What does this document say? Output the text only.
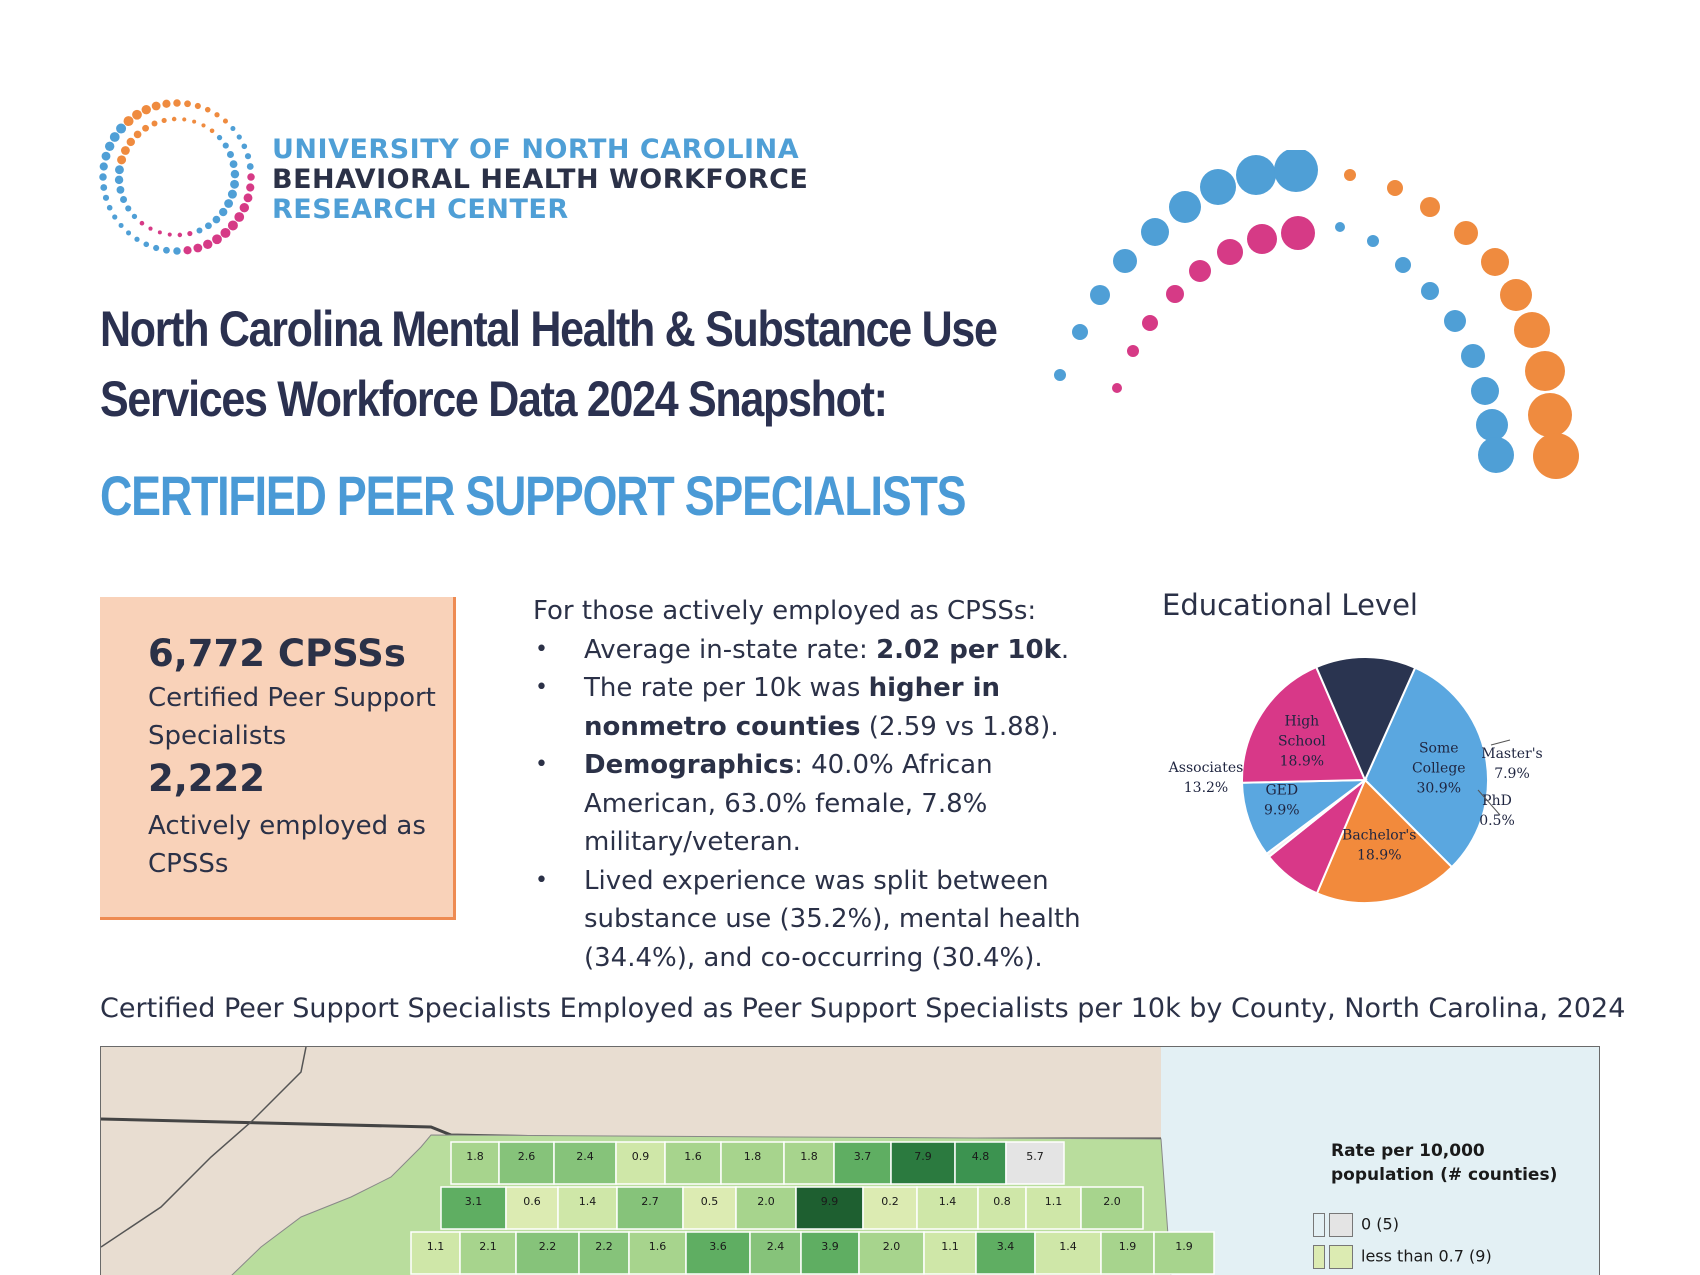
UNIVERSITY OF NORTH CAROLINA
BEHAVIORAL HEALTH WORKFORCE
RESEARCH CENTER
North Carolina Mental Health & Substance Use
Services Workforce Data 2024 Snapshot:
CERTIFIED PEER SUPPORT SPECIALISTS
6,772 CPSSs
Certified Peer Support Specialists
2,222
Actively employed as CPSSs

For those actively employed as CPSSs:

• Average in-state rate: 2.02 per 10k.
• The rate per 10k was higher in nonmetro counties (2.59 vs 1.88).
• Demographics: 40.0% African American, 63.0% female, 7.8% military/veteran.
• Lived experience was split between substance use (35.2%), mental health (34.4%), and co-occurring (30.4%).
Educational Level
Some
College
30.9%
Bachelor's
18.9%
Master's
7.9%
PhD
0.5%
GED
9.9%
High
School
18.9%
Associates
13.2%
Certified Peer Support Specialists Employed as Peer Support Specialists per 10k by County, North Carolina, 2024
1.8	2.6	2.4	0.9	1.6	1.8	1.8	3.7	7.9	4.8	5.7
3.1	0.6	1.4	2.7	0.5	2.0	9.9	0.2	1.4	0.8	1.1	2.0
1.1	2.1	2.2	2.2	1.6	3.6	2.4	3.9	2.0	1.1	3.4	1.4	1.9	1.9
Rate per 10,000 population (# counties)
0 (5)
less than 0.7 (9)
